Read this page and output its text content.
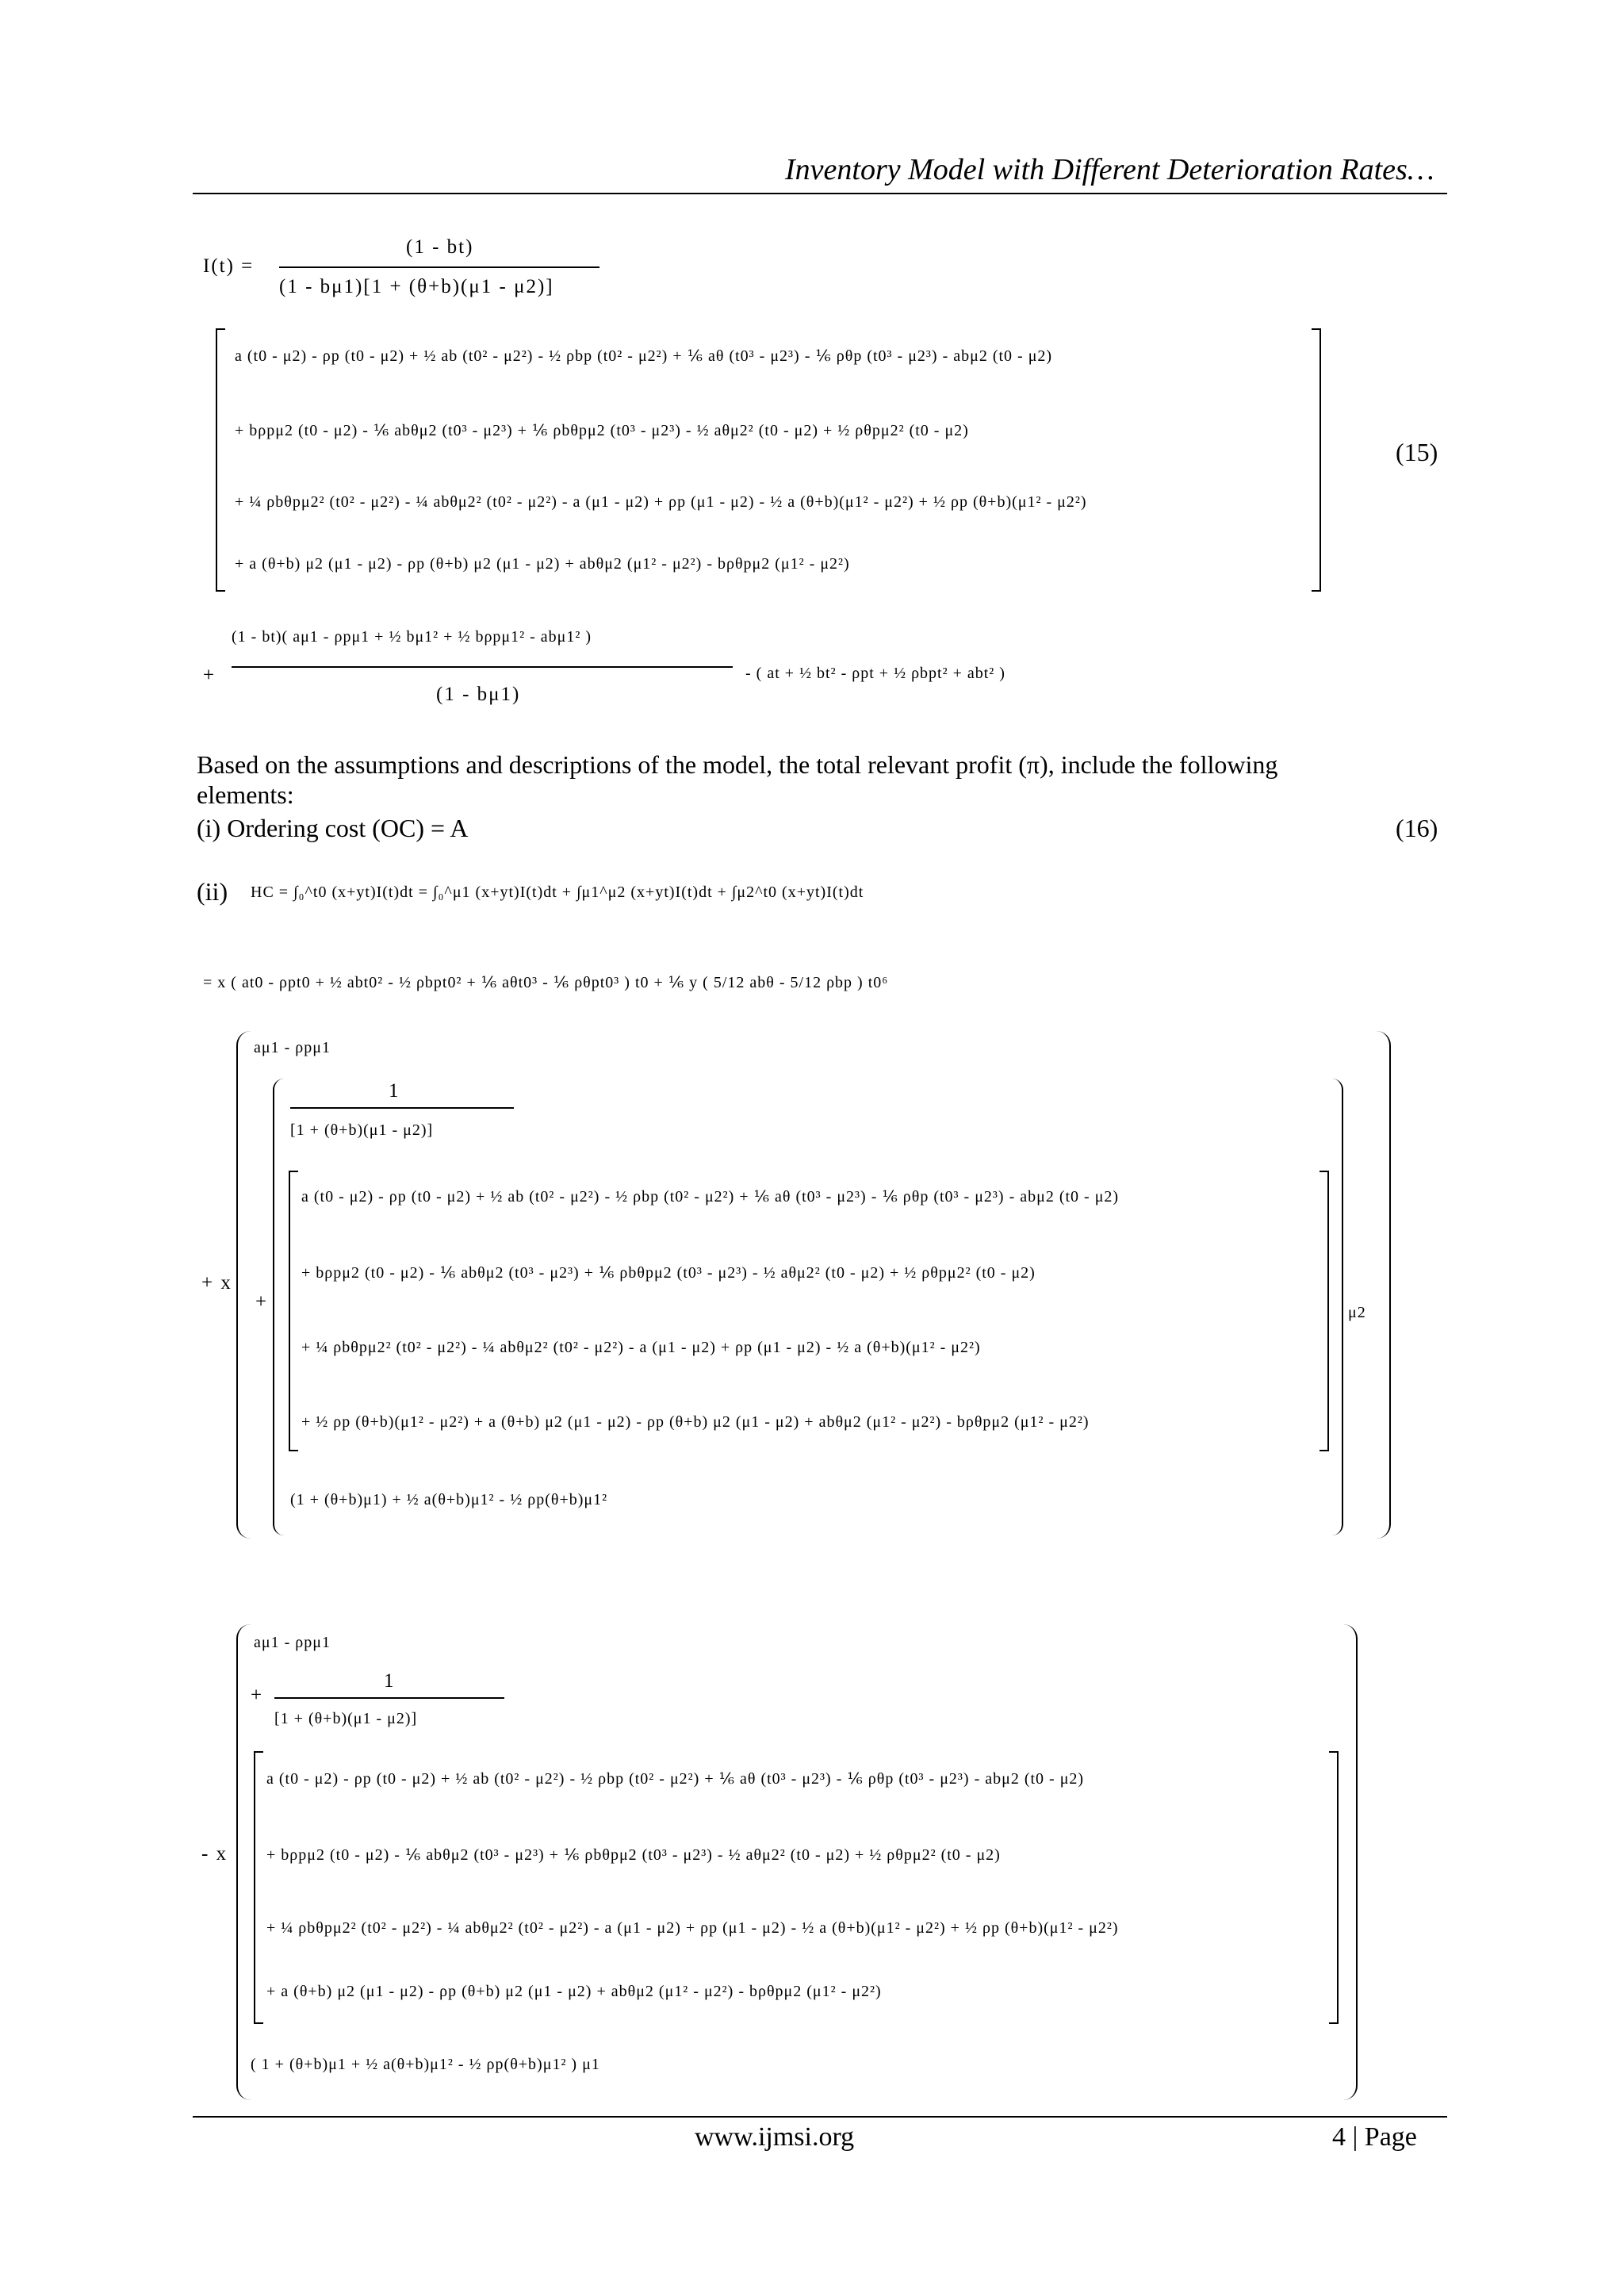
Inventory Model with Different Deterioration Rates…
I(t) =
(1 - bt)
(1 - bμ1)[1 + (θ+b)(μ1 - μ2)]
a (t0 - μ2) - ρp (t0 - μ2) + ½ ab (t0² - μ2²) - ½ ρbp (t0² - μ2²) + ⅙ aθ (t0³ - μ2³) - ⅙ ρθp (t0³ - μ2³) - abμ2 (t0 - μ2)
+ bρpμ2 (t0 - μ2) - ⅙ abθμ2 (t0³ - μ2³) + ⅙ ρbθpμ2 (t0³ - μ2³) - ½ aθμ2² (t0 - μ2) + ½ ρθpμ2² (t0 - μ2)
+ ¼ ρbθpμ2² (t0² - μ2²) - ¼ abθμ2² (t0² - μ2²) - a (μ1 - μ2) + ρp (μ1 - μ2) - ½ a (θ+b)(μ1² - μ2²) + ½ ρp (θ+b)(μ1² - μ2²)
+ a (θ+b) μ2 (μ1 - μ2) - ρp (θ+b) μ2 (μ1 - μ2) + abθμ2 (μ1² - μ2²) - bρθpμ2 (μ1² - μ2²)
(15)
+
(1 - bt)( aμ1 - ρpμ1 + ½ bμ1² + ½ bρpμ1² - abμ1² )
(1 - bμ1)
- ( at + ½ bt² - ρpt + ½ ρbpt² + abt² )
Based on the assumptions and descriptions of the model, the total relevant profit (π), include the following
elements:
(i) Ordering cost (OC) = A	(16)
(ii) HC = ∫₀^t0 (x+yt)I(t)dt = ∫₀^μ1 (x+yt)I(t)dt + ∫μ1^μ2 (x+yt)I(t)dt + ∫μ2^t0 (x+yt)I(t)dt
= x ( at0 - ρpt0 + ½ abt0² - ½ ρbpt0² + ⅙ aθt0³ - ⅙ ρθpt0³ ) t0 + ⅙ y ( 5/12 abθ - 5/12 ρbp ) t0⁶
+ x
aμ1 - ρpμ1
+
1
[1 + (θ+b)(μ1 - μ2)]
a (t0 - μ2) - ρp (t0 - μ2) + ½ ab (t0² - μ2²) - ½ ρbp (t0² - μ2²) + ⅙ aθ (t0³ - μ2³) - ⅙ ρθp (t0³ - μ2³) - abμ2 (t0 - μ2)
+ bρpμ2 (t0 - μ2) - ⅙ abθμ2 (t0³ - μ2³) + ⅙ ρbθpμ2 (t0³ - μ2³) - ½ aθμ2² (t0 - μ2) + ½ ρθpμ2² (t0 - μ2)
+ ¼ ρbθpμ2² (t0² - μ2²) - ¼ abθμ2² (t0² - μ2²) - a (μ1 - μ2) + ρp (μ1 - μ2) - ½ a (θ+b)(μ1² - μ2²)
+ ½ ρp (θ+b)(μ1² - μ2²) + a (θ+b) μ2 (μ1 - μ2) - ρp (θ+b) μ2 (μ1 - μ2) + abθμ2 (μ1² - μ2²) - bρθpμ2 (μ1² - μ2²)
(1 + (θ+b)μ1) + ½ a(θ+b)μ1² - ½ ρp(θ+b)μ1²
μ2
- x
aμ1 - ρpμ1
+
1
[1 + (θ+b)(μ1 - μ2)]
a (t0 - μ2) - ρp (t0 - μ2) + ½ ab (t0² - μ2²) - ½ ρbp (t0² - μ2²) + ⅙ aθ (t0³ - μ2³) - ⅙ ρθp (t0³ - μ2³) - abμ2 (t0 - μ2)
+ bρpμ2 (t0 - μ2) - ⅙ abθμ2 (t0³ - μ2³) + ⅙ ρbθpμ2 (t0³ - μ2³) - ½ aθμ2² (t0 - μ2) + ½ ρθpμ2² (t0 - μ2)
+ ¼ ρbθpμ2² (t0² - μ2²) - ¼ abθμ2² (t0² - μ2²) - a (μ1 - μ2) + ρp (μ1 - μ2) - ½ a (θ+b)(μ1² - μ2²) + ½ ρp (θ+b)(μ1² - μ2²)
+ a (θ+b) μ2 (μ1 - μ2) - ρp (θ+b) μ2 (μ1 - μ2) + abθμ2 (μ1² - μ2²) - bρθpμ2 (μ1² - μ2²)
( 1 + (θ+b)μ1 + ½ a(θ+b)μ1² - ½ ρp(θ+b)μ1² ) μ1
www.ijmsi.org	4 | Page
